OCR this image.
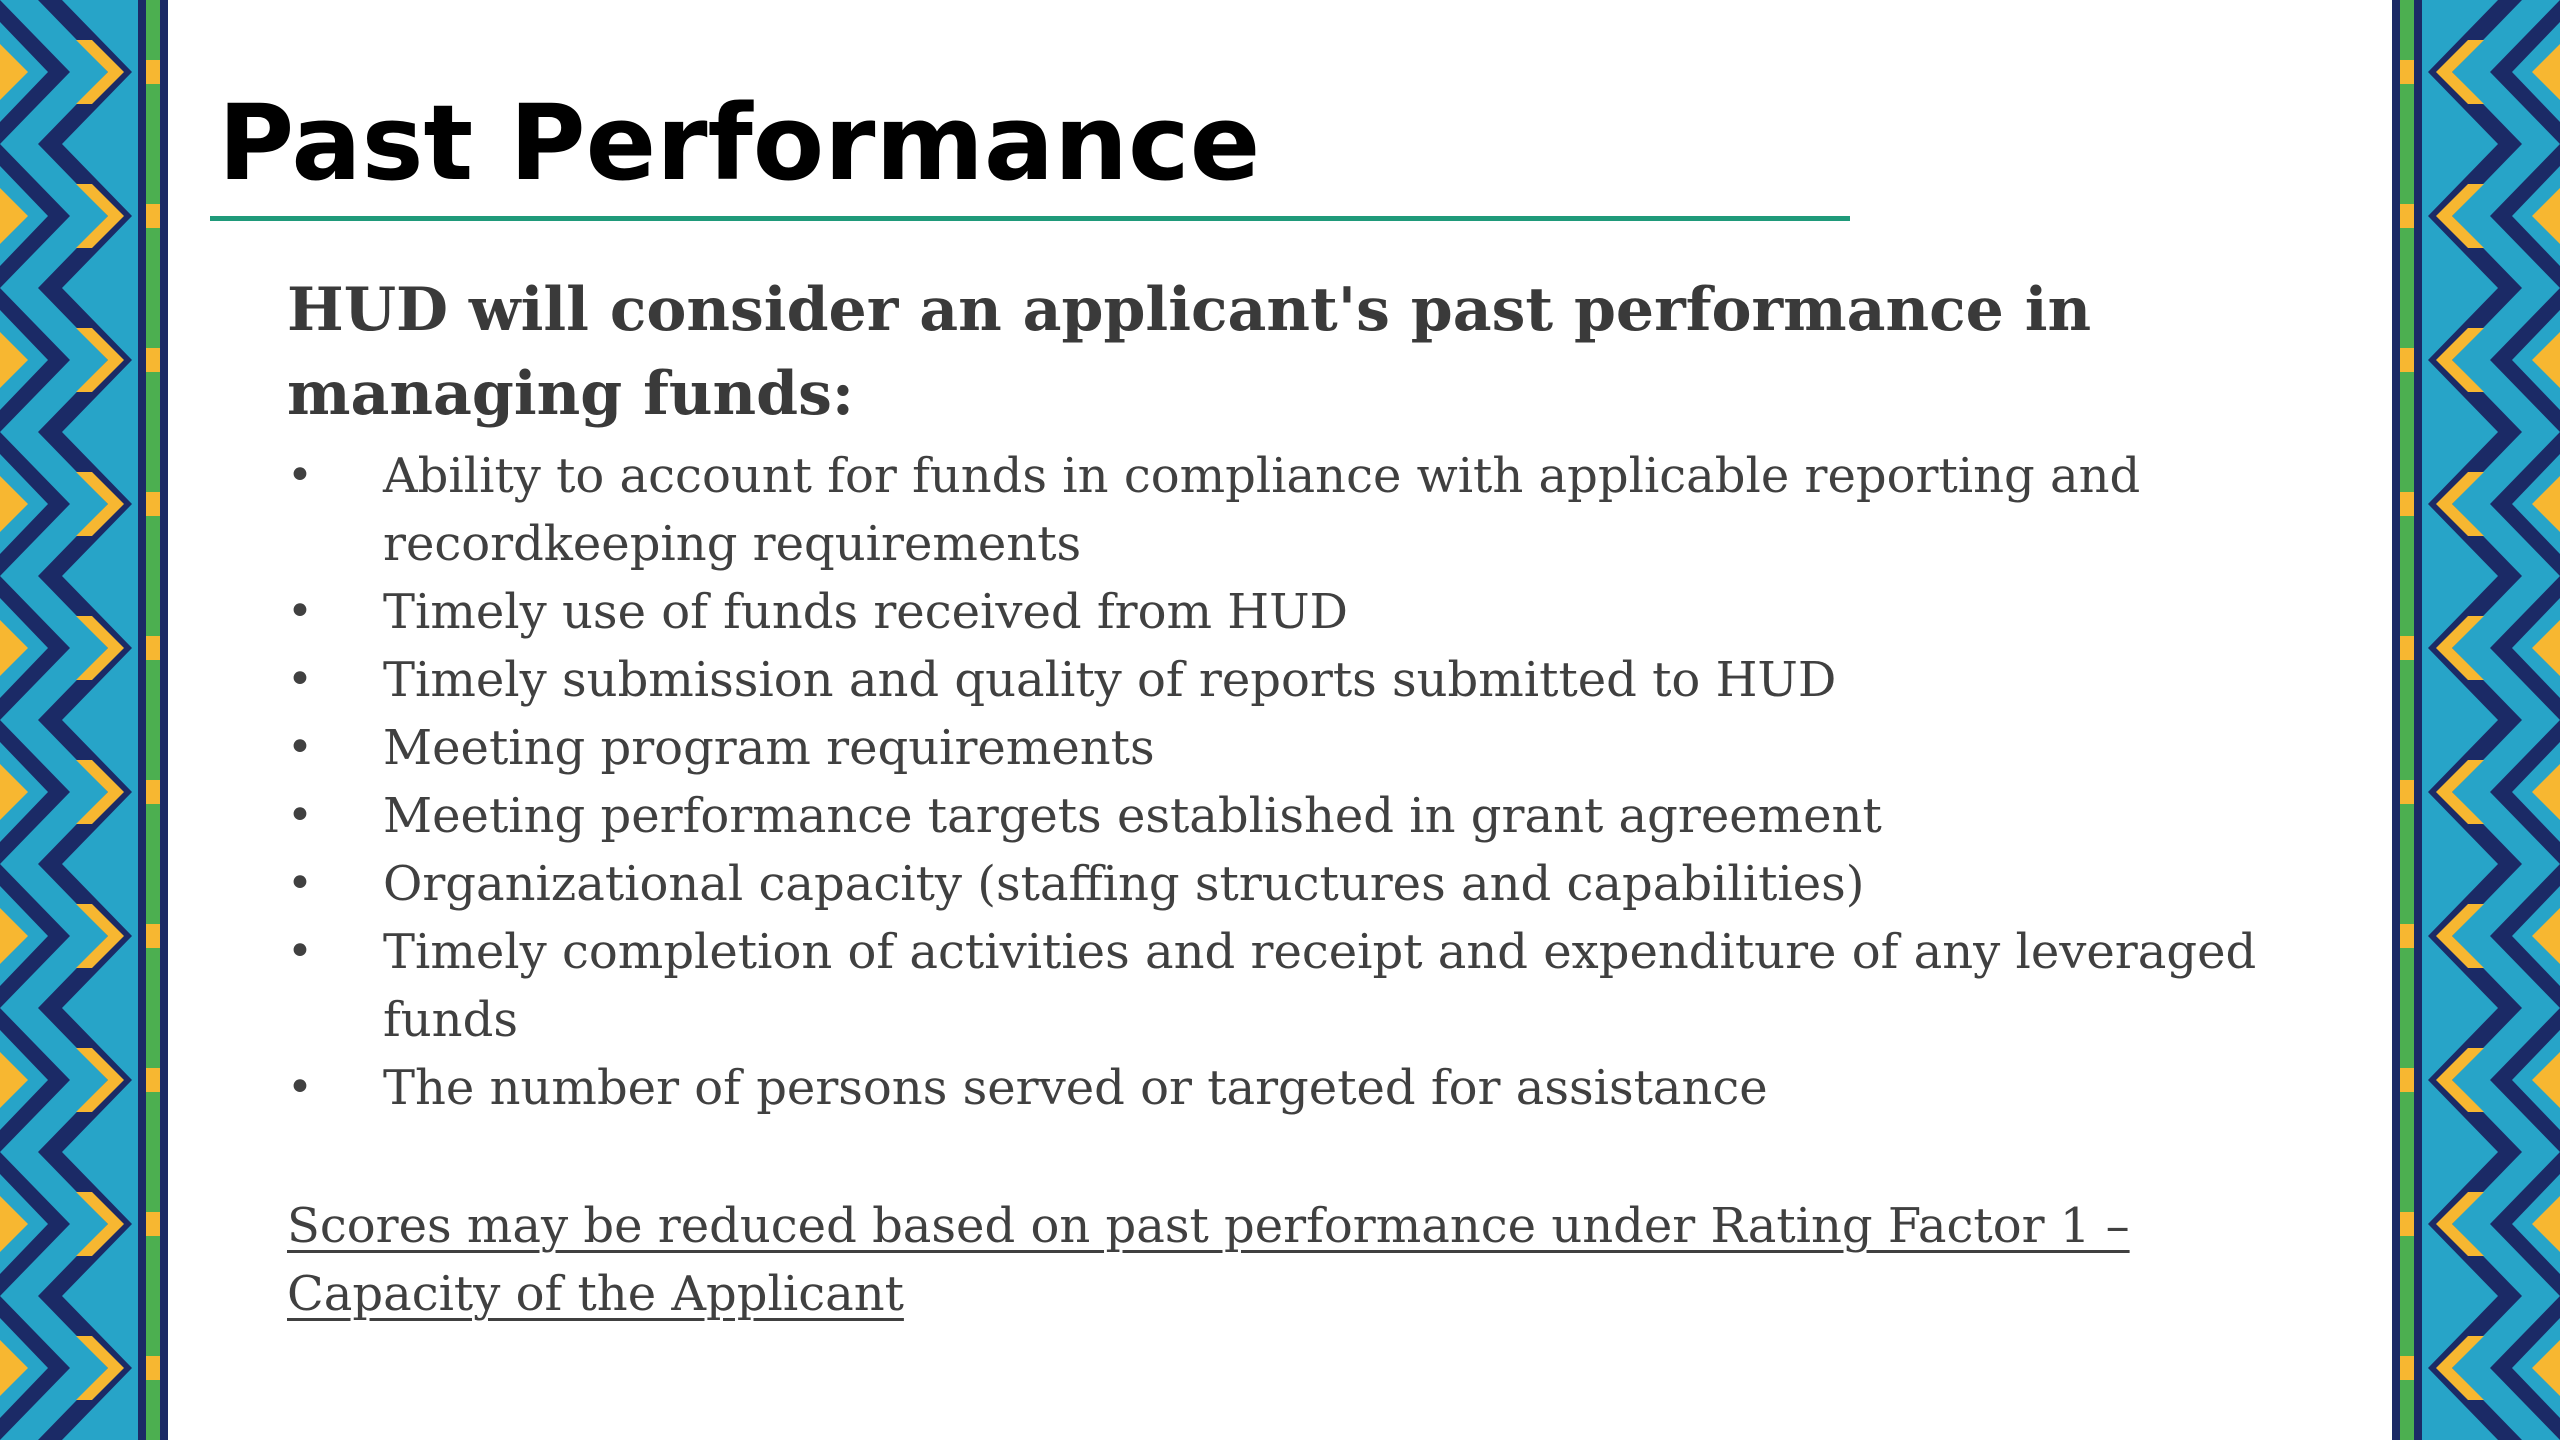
Past Performance

HUD will consider an applicant's past performance in managing funds:

• Ability to account for funds in compliance with applicable reporting and recordkeeping requirements
• Timely use of funds received from HUD
• Timely submission and quality of reports submitted to HUD
• Meeting program requirements
• Meeting performance targets established in grant agreement
• Organizational capacity (staffing structures and capabilities)
• Timely completion of activities and receipt and expenditure of any leveraged funds
• The number of persons served or targeted for assistance

Scores may be reduced based on past performance under Rating Factor 1 – Capacity of the Applicant
